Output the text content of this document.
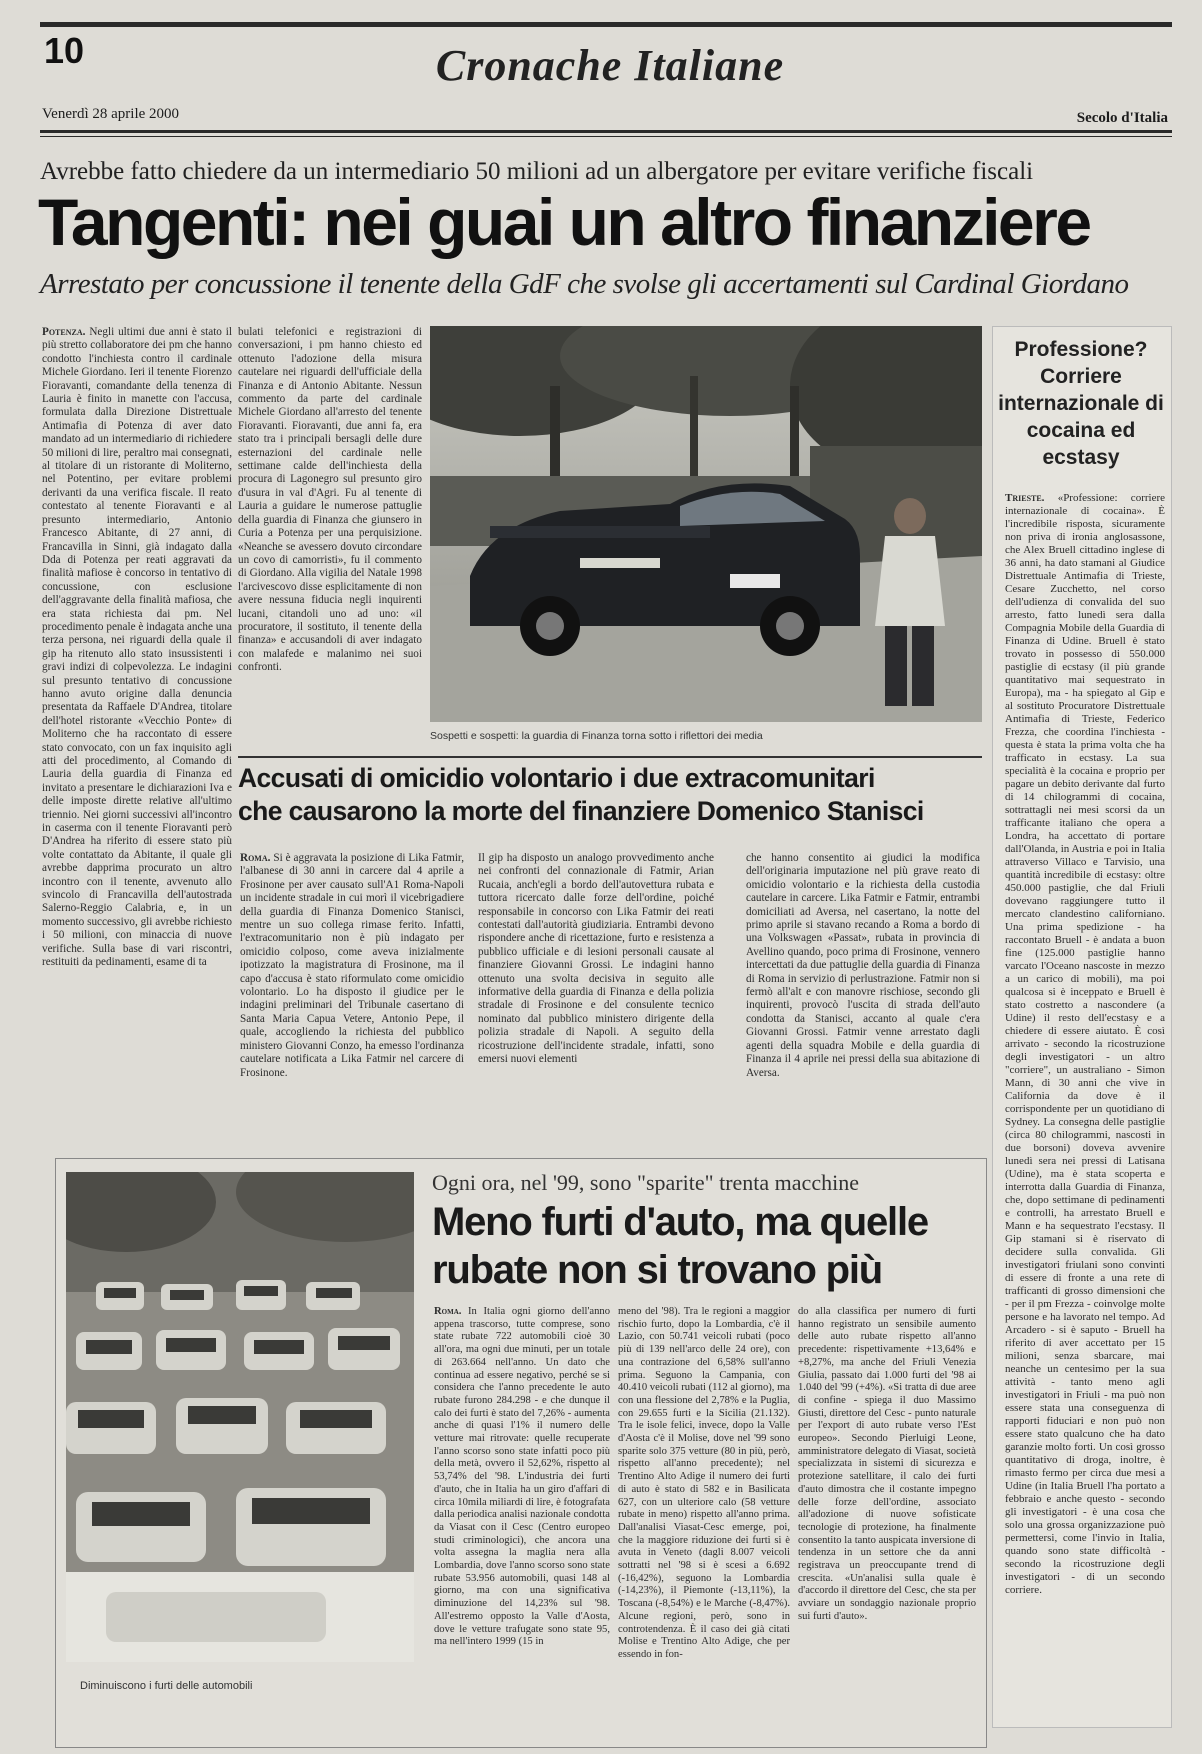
10	Cronache Italiane
Venerdì 28 aprile 2000	Secolo d'Italia
Avrebbe fatto chiedere da un intermediario 50 milioni ad un albergatore per evitare verifiche fiscali
Tangenti: nei guai un altro finanziere
Arrestato per concussione il tenente della GdF che svolse gli accertamenti sul Cardinal Giordano
Potenza. Negli ultimi due anni è stato il più stretto collaboratore dei pm che hanno condotto l'inchiesta contro il cardinale Michele Giordano. Ieri il tenente Fiorenzo Fioravanti, comandante della tenenza di Lauria è finito in manette con l'accusa, formulata dalla Direzione Distrettuale Antimafia di Potenza di aver dato mandato ad un intermediario di richiedere 50 milioni di lire, peraltro mai consegnati, al titolare di un ristorante di Moliterno, nel Potentino, per evitare problemi derivanti da una verifica fiscale. Il reato contestato al tenente Fioravanti e al presunto intermediario, Antonio Francesco Abitante, di 27 anni, di Francavilla in Sinni, già indagato dalla Dda di Potenza per reati aggravati da finalità mafiose è concorso in tentativo di concussione, con esclusione dell'aggravante della finalità mafiosa, che era stata richiesta dai pm. Nel procedimento penale è indagata anche una terza persona, nei riguardi della quale il gip ha ritenuto allo stato insussistenti i gravi indizi di colpevolezza. Le indagini sul presunto tentativo di concussione hanno avuto origine dalla denuncia presentata da Raffaele D'Andrea, titolare dell'hotel ristorante «Vecchio Ponte» di Moliterno che ha raccontato di essere stato convocato, con un fax inquisito agli atti del procedimento, al Comando di Lauria della guardia di Finanza ed invitato a presentare le dichiarazioni Iva e delle imposte dirette relative all'ultimo triennio. Nei giorni successivi all'incontro in caserma con il tenente Fioravanti però D'Andrea ha riferito di essere stato più volte contattato da Abitante, il quale gli avrebbe dapprima procurato un altro incontro con il tenente, avvenuto allo svincolo di Francavilla dell'autostrada Salerno-Reggio Calabria, e, in un momento successivo, gli avrebbe richiesto i 50 milioni, con minaccia di nuove verifiche. Sulla base di vari riscontri, restituiti da pedinamenti, esame di ta
bulati telefonici e registrazioni di conversazioni, i pm hanno chiesto ed ottenuto l'adozione della misura cautelare nei riguardi dell'ufficiale della Finanza e di Antonio Abitante. Nessun commento da parte del cardinale Michele Giordano all'arresto del tenente Fioravanti. Fioravanti, due anni fa, era stato tra i principali bersagli delle dure esternazioni del cardinale nelle settimane calde dell'inchiesta della procura di Lagonegro sul presunto giro d'usura in val d'Agri. Fu al tenente di Lauria a guidare le numerose pattuglie della guardia di Finanza che giunsero in Curia a Potenza per una perquisizione. «Neanche se avessero dovuto circondare un covo di camorristi», fu il commento di Giordano. Alla vigilia del Natale 1998 l'arcivescovo disse esplicitamente di non avere nessuna fiducia negli inquirenti lucani, citandoli uno ad uno: «il procuratore, il sostituto, il tenente della finanza» e accusandoli di aver indagato con malafede e malanimo nei suoi confronti.
Sospetti e sospetti: la guardia di Finanza torna sotto i riflettori dei media
Professione? Corriere internazionale di cocaina ed ecstasy
Trieste. «Professione: corriere internazionale di cocaina». È l'incredibile risposta, sicuramente non priva di ironia anglosassone, che Alex Bruell cittadino inglese di 36 anni, ha dato stamani al Giudice Distrettuale Antimafia di Trieste, Cesare Zucchetto, nel corso dell'udienza di convalida del suo arresto, fatto lunedì sera dalla Compagnia Mobile della Guardia di Finanza di Udine. Bruell è stato trovato in possesso di 550.000 pastiglie di ecstasy (il più grande quantitativo mai sequestrato in Europa), ma - ha spiegato al Gip e al sostituto Procuratore Distrettuale Antimafia di Trieste, Federico Frezza, che coordina l'inchiesta - questa è stata la prima volta che ha trafficato in ecstasy. La sua specialità è la cocaina e proprio per pagare un debito derivante dal furto di 14 chilogrammi di cocaina, sottrattagli nei mesi scorsi da un trafficante italiano che opera a Londra, ha accettato di portare dall'Olanda, in Austria e poi in Italia attraverso Villaco e Tarvisio, una quantità incredibile di ecstasy: oltre 450.000 pastiglie, che dal Friuli dovevano raggiungere tutto il mercato clandestino californiano. Una prima spedizione - ha raccontato Bruell - è andata a buon fine (125.000 pastiglie hanno varcato l'Oceano nascoste in mezzo a un carico di mobili), ma poi qualcosa si è inceppato e Bruell è stato costretto a nascondere (a Udine) il resto dell'ecstasy e a chiedere di essere aiutato. È così arrivato - secondo la ricostruzione degli investigatori - un altro "corriere", un australiano - Simon Mann, di 30 anni che vive in California da dove è il corrispondente per un quotidiano di Sydney. La consegna delle pastiglie (circa 80 chilogrammi, nascosti in due borsoni) doveva avvenire lunedì sera nei pressi di Latisana (Udine), ma è stata scoperta e interrotta dalla Guardia di Finanza, che, dopo settimane di pedinamenti e controlli, ha arrestato Bruell e Mann e ha sequestrato l'ecstasy. Il Gip stamani si è riservato di decidere sulla convalida. Gli investigatori friulani sono convinti di essere di fronte a una rete di trafficanti di grosso dimensioni che - per il pm Frezza - coinvolge molte persone e ha lavorato nel tempo. Ad Arcadero - si è saputo - Bruell ha riferito di aver accettato per 15 milioni, senza sbarcare, mai neanche un centesimo per la sua attività - tanto meno agli investigatori in Friuli - ma può non essere stata una conseguenza di rapporti fiduciari e non può non essere stato qualcuno che ha dato garanzie molto forti. Un così grosso quantitativo di droga, inoltre, è rimasto fermo per circa due mesi a Udine (in Italia Bruell l'ha portato a febbraio e anche questo - secondo gli investigatori - è una cosa che solo una grossa organizzazione può permettersi, come l'invio in Italia, quando sono state difficoltà - secondo la ricostruzione degli investigatori - di un secondo corriere.
Accusati di omicidio volontario i due extracomunitari
che causarono la morte del finanziere Domenico Stanisci
Roma. Si è aggravata la posizione di Lika Fatmir, l'albanese di 30 anni in carcere dal 4 aprile a Frosinone per aver causato sull'A1 Roma-Napoli un incidente stradale in cui morì il vicebrigadiere della guardia di Finanza Domenico Stanisci, mentre un suo collega rimase ferito. Infatti, l'extracomunitario non è più indagato per omicidio colposo, come aveva inizialmente ipotizzato la magistratura di Frosinone, ma il capo d'accusa è stato riformulato come omicidio volontario. Lo ha disposto il giudice per le indagini preliminari del Tribunale casertano di Santa Maria Capua Vetere, Antonio Pepe, il quale, accogliendo la richiesta del pubblico ministero Giovanni Conzo, ha emesso l'ordinanza cautelare notificata a Lika Fatmir nel carcere di Frosinone.
Il gip ha disposto un analogo provvedimento anche nei confronti del connazionale di Fatmir, Arian Rucaia, anch'egli a bordo dell'autovettura rubata e tuttora ricercato dalle forze dell'ordine, poiché responsabile in concorso con Lika Fatmir dei reati contestati dall'autorità giudiziaria. Entrambi devono rispondere anche di ricettazione, furto e resistenza a pubblico ufficiale e di lesioni personali causate al finanziere Giovanni Grossi. Le indagini hanno ottenuto una svolta decisiva in seguito alle informative della guardia di Finanza e della polizia stradale di Frosinone e del consulente tecnico nominato dal pubblico ministero dirigente della polizia stradale di Napoli. A seguito della ricostruzione dell'incidente stradale, infatti, sono emersi nuovi elementi
che hanno consentito ai giudici la modifica dell'originaria imputazione nel più grave reato di omicidio volontario e la richiesta della custodia cautelare in carcere. Lika Fatmir e Fatmir, entrambi domiciliati ad Aversa, nel casertano, la notte del primo aprile si stavano recando a Roma a bordo di una Volkswagen «Passat», rubata in provincia di Avellino quando, poco prima di Frosinone, vennero intercettati da due pattuglie della guardia di Finanza di Roma in servizio di perlustrazione. Fatmir non si fermò all'alt e con manovre rischiose, secondo gli inquirenti, provocò l'uscita di strada dell'auto condotta da Stanisci, accanto al quale c'era Giovanni Grossi. Fatmir venne arrestato dagli agenti della squadra Mobile e della guardia di Finanza il 4 aprile nei pressi della sua abitazione di Aversa.
Diminuiscono i furti delle automobili
Ogni ora, nel '99, sono "sparite" trenta macchine
Meno furti d'auto, ma quelle rubate non si trovano più
Roma. In Italia ogni giorno dell'anno appena trascorso, tutte comprese, sono state rubate 722 automobili cioè 30 all'ora, ma ogni due minuti, per un totale di 263.664 nell'anno. Un dato che continua ad essere negativo, perché se si considera che l'anno precedente le auto rubate furono 284.298 - e che dunque il calo dei furti è stato del 7,26% - aumenta anche di quasi l'1% il numero delle vetture mai ritrovate: quelle recuperate l'anno scorso sono state infatti poco più della metà, ovvero il 52,62%, rispetto al 53,74% del '98. L'industria dei furti d'auto, che in Italia ha un giro d'affari di circa 10mila miliardi di lire, è fotografata dalla periodica analisi nazionale condotta da Viasat con il Cesc (Centro europeo studi criminologici), che ancora una volta assegna la maglia nera alla Lombardia, dove l'anno scorso sono state rubate 53.956 automobili, quasi 148 al giorno, ma con una significativa diminuzione del 14,23% sul '98. All'estremo opposto la Valle d'Aosta, dove le vetture trafugate sono state 95, ma nell'intero 1999 (15 in
meno del '98). Tra le regioni a maggior rischio furto, dopo la Lombardia, c'è il Lazio, con 50.741 veicoli rubati (poco più di 139 nell'arco delle 24 ore), con una contrazione del 6,58% sull'anno prima. Seguono la Campania, con 40.410 veicoli rubati (112 al giorno), ma con una flessione del 2,78% e la Puglia, con 29.655 furti e la Sicilia (21.132). Tra le isole felici, invece, dopo la Valle d'Aosta c'è il Molise, dove nel '99 sono sparite solo 375 vetture (80 in più, però, rispetto all'anno precedente); nel Trentino Alto Adige il numero dei furti di auto è stato di 582 e in Basilicata 627, con un ulteriore calo (58 vetture rubate in meno) rispetto all'anno prima. Dall'analisi Viasat-Cesc emerge, poi, che la maggiore riduzione dei furti si è avuta in Veneto (dagli 8.007 veicoli sottratti nel '98 si è scesi a 6.692 (-16,42%), seguono la Lombardia (-14,23%), il Piemonte (-13,11%), la Toscana (-8,54%) e le Marche (-8,47%). Alcune regioni, però, sono in controtendenza. È il caso dei già citati Molise e Trentino Alto Adige, che per essendo in fon-
do alla classifica per numero di furti hanno registrato un sensibile aumento delle auto rubate rispetto all'anno precedente: rispettivamente +13,64% e +8,27%, ma anche del Friuli Venezia Giulia, passato dai 1.000 furti del '98 ai 1.040 del '99 (+4%). «Si tratta di due aree di confine - spiega il duo Massimo Giusti, direttore del Cesc - punto naturale per l'export di auto rubate verso l'Est europeo». Secondo Pierluigi Leone, amministratore delegato di Viasat, società specializzata in sistemi di sicurezza e protezione satellitare, il calo dei furti d'auto dimostra che il costante impegno delle forze dell'ordine, associato all'adozione di nuove sofisticate tecnologie di protezione, ha finalmente consentito la tanto auspicata inversione di tendenza in un settore che da anni registrava un preoccupante trend di crescita. «Un'analisi sulla quale è d'accordo il direttore del Cesc, che sta per avviare un sondaggio nazionale proprio sui furti d'auto».
